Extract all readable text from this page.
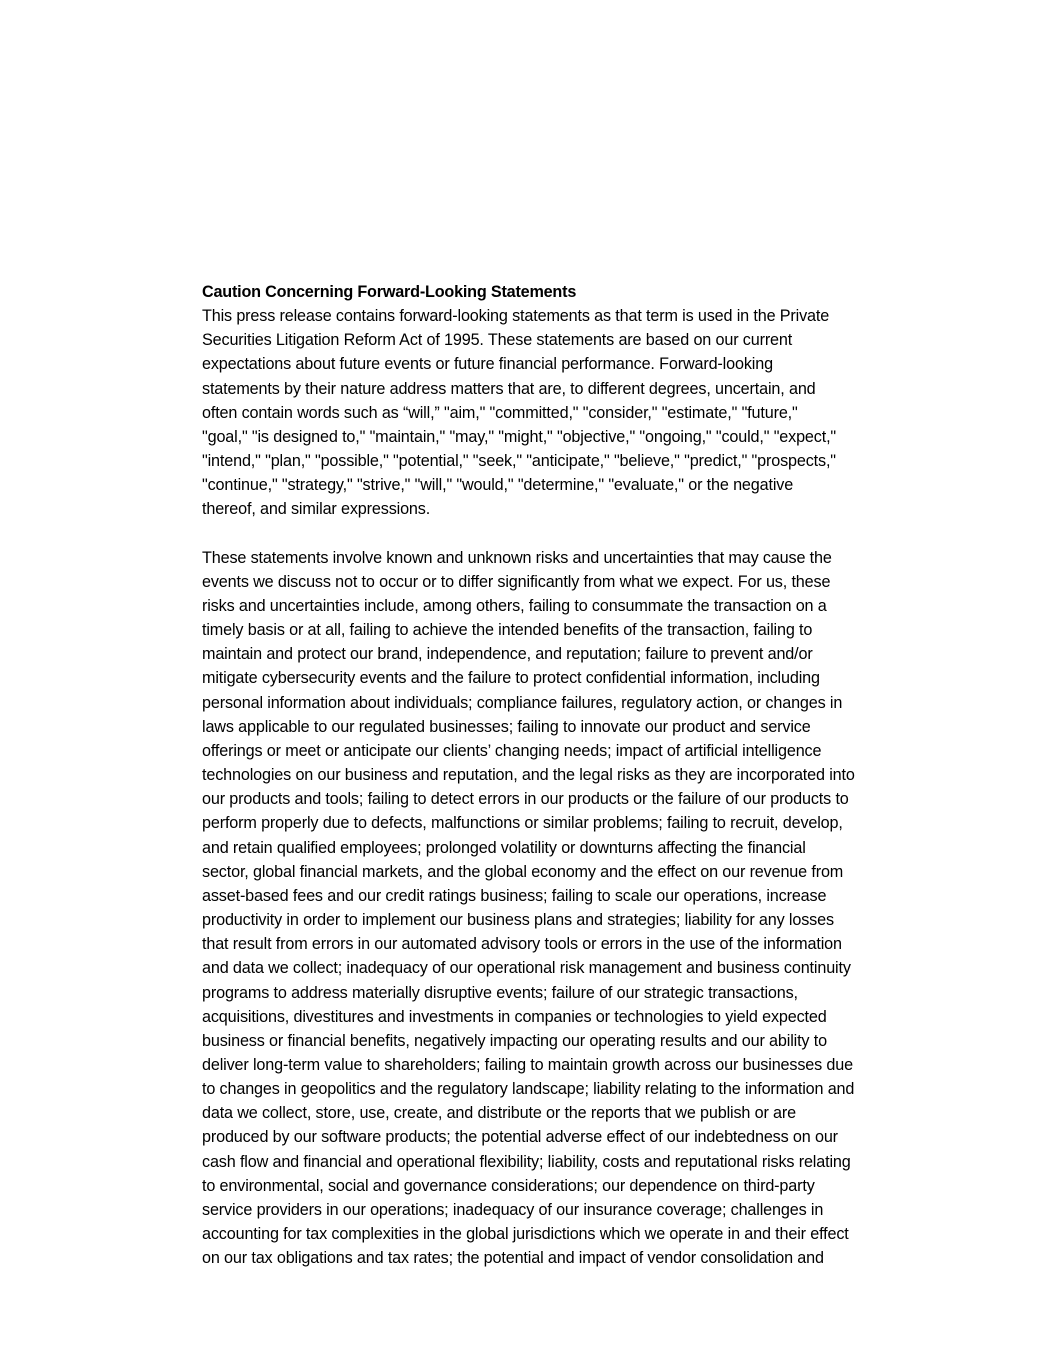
Caution Concerning Forward-Looking Statements
This press release contains forward-looking statements as that term is used in the Private
Securities Litigation Reform Act of 1995. These statements are based on our current
expectations about future events or future financial performance. Forward-looking
statements by their nature address matters that are, to different degrees, uncertain, and
often contain words such as “will,” "aim," "committed," "consider," "estimate," "future,"
"goal," "is designed to," "maintain," "may," "might," "objective," "ongoing," "could," "expect,"
"intend," "plan," "possible," "potential," "seek," "anticipate," "believe," "predict," "prospects,"
"continue," "strategy," "strive," "will," "would," "determine," "evaluate," or the negative
thereof, and similar expressions.
These statements involve known and unknown risks and uncertainties that may cause the
events we discuss not to occur or to differ significantly from what we expect. For us, these
risks and uncertainties include, among others, failing to consummate the transaction on a
timely basis or at all, failing to achieve the intended benefits of the transaction, failing to
maintain and protect our brand, independence, and reputation; failure to prevent and/or
mitigate cybersecurity events and the failure to protect confidential information, including
personal information about individuals; compliance failures, regulatory action, or changes in
laws applicable to our regulated businesses; failing to innovate our product and service
offerings or meet or anticipate our clients’ changing needs; impact of artificial intelligence
technologies on our business and reputation, and the legal risks as they are incorporated into
our products and tools; failing to detect errors in our products or the failure of our products to
perform properly due to defects, malfunctions or similar problems; failing to recruit, develop,
and retain qualified employees; prolonged volatility or downturns affecting the financial
sector, global financial markets, and the global economy and the effect on our revenue from
asset-based fees and our credit ratings business; failing to scale our operations, increase
productivity in order to implement our business plans and strategies; liability for any losses
that result from errors in our automated advisory tools or errors in the use of the information
and data we collect; inadequacy of our operational risk management and business continuity
programs to address materially disruptive events; failure of our strategic transactions,
acquisitions, divestitures and investments in companies or technologies to yield expected
business or financial benefits, negatively impacting our operating results and our ability to
deliver long-term value to shareholders; failing to maintain growth across our businesses due
to changes in geopolitics and the regulatory landscape; liability relating to the information and
data we collect, store, use, create, and distribute or the reports that we publish or are
produced by our software products; the potential adverse effect of our indebtedness on our
cash flow and financial and operational flexibility; liability, costs and reputational risks relating
to environmental, social and governance considerations; our dependence on third-party
service providers in our operations; inadequacy of our insurance coverage; challenges in
accounting for tax complexities in the global jurisdictions which we operate in and their effect
on our tax obligations and tax rates; the potential and impact of vendor consolidation and
